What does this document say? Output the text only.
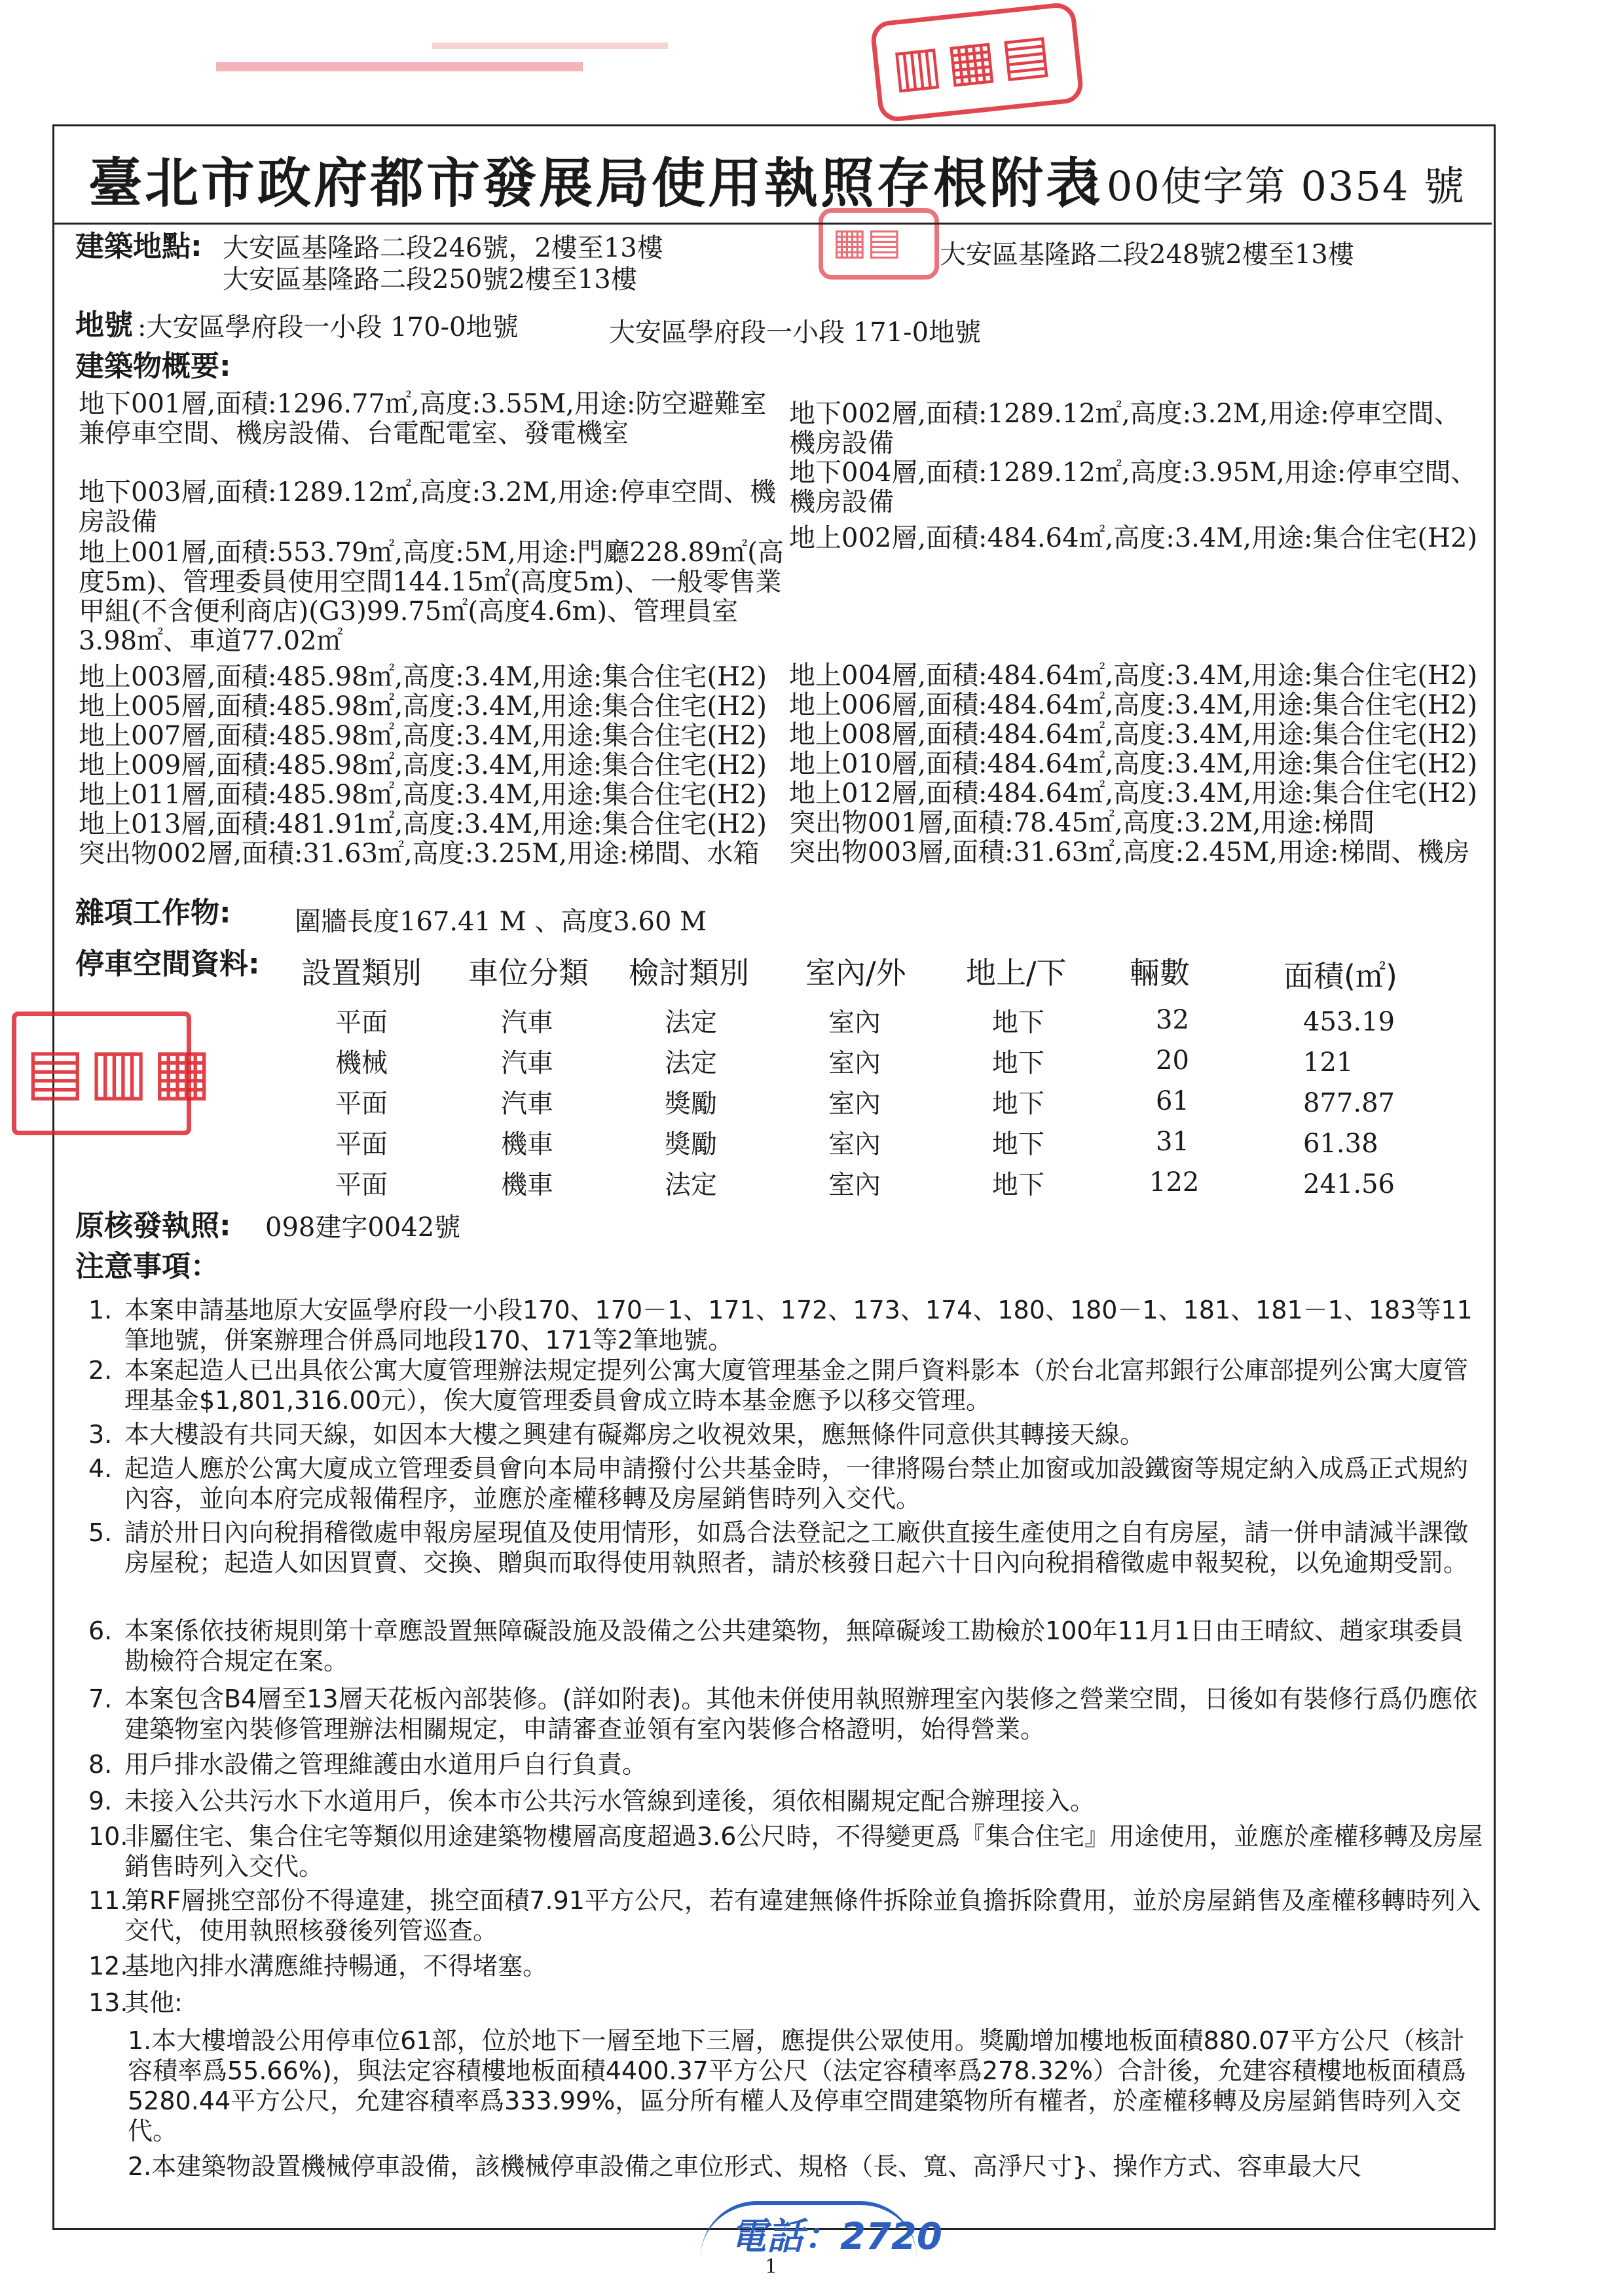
▥▦▤
▦▤
臺北市政府都市發展局使用執照存根附表
100使字第 0354 號
建築地點: 大安區基隆路二段246號，2樓至13樓
大安區基隆路二段250號2樓至13樓
大安區基隆路二段248號2樓至13樓
地號 :大安區學府段一小段 170-0地號	大安區學府段一小段 171-0地號
建築物概要:
地下001層,面積:1296.77㎡,高度:3.55M,用途:防空避難室兼停車空間、機房設備、台電配電室、發電機室
地下003層,面積:1289.12㎡,高度:3.2M,用途:停車空間、機房設備
地上001層,面積:553.79㎡,高度:5M,用途:門廳228.89㎡(高度5m)、管理委員使用空間144.15㎡(高度5m)、一般零售業甲組(不含便利商店)(G3)99.75㎡(高度4.6m)、管理員室3.98㎡、車道77.02㎡
地上003層,面積:485.98㎡,高度:3.4M,用途:集合住宅(H2)
地上005層,面積:485.98㎡,高度:3.4M,用途:集合住宅(H2)
地上007層,面積:485.98㎡,高度:3.4M,用途:集合住宅(H2)
地上009層,面積:485.98㎡,高度:3.4M,用途:集合住宅(H2)
地上011層,面積:485.98㎡,高度:3.4M,用途:集合住宅(H2)
地上013層,面積:481.91㎡,高度:3.4M,用途:集合住宅(H2)
突出物002層,面積:31.63㎡,高度:3.25M,用途:梯間、水箱
地下002層,面積:1289.12㎡,高度:3.2M,用途:停車空間、機房設備
地下004層,面積:1289.12㎡,高度:3.95M,用途:停車空間、機房設備
地上002層,面積:484.64㎡,高度:3.4M,用途:集合住宅(H2)
地上004層,面積:484.64㎡,高度:3.4M,用途:集合住宅(H2)
地上006層,面積:484.64㎡,高度:3.4M,用途:集合住宅(H2)
地上008層,面積:484.64㎡,高度:3.4M,用途:集合住宅(H2)
地上010層,面積:484.64㎡,高度:3.4M,用途:集合住宅(H2)
地上012層,面積:484.64㎡,高度:3.4M,用途:集合住宅(H2)
突出物001層,面積:78.45㎡,高度:3.2M,用途:梯間
突出物003層,面積:31.63㎡,高度:2.45M,用途:梯間、機房
雜項工作物: 圍牆長度167.41 M 、高度3.60 M
停車空間資料: 設置類別 車位分類 檢討類別 室內/外 地上/下 輛數	面積(㎡)
平面	汽車	法定	室內	地下	32	453.19
機械	汽車	法定	室內	地下	20	121
平面	汽車	獎勵	室內	地下	61	877.87
平面	機車	獎勵	室內	地下	31	61.38
平面	機車	法定	室內	地下	122	241.56
▤▥▦
原核發執照: 098建字0042號
注意事項：
1. 本案申請基地原大安區學府段一小段170、170－1、171、172、173、174、180、180－1、181、181－1、183等11筆地號，併案辦理合併爲同地段170、171等2筆地號。
2. 本案起造人已出具依公寓大廈管理辦法規定提列公寓大廈管理基金之開戶資料影本（於台北富邦銀行公庫部提列公寓大廈管理基金$1,801,316.00元），俟大廈管理委員會成立時本基金應予以移交管理。
3. 本大樓設有共同天線，如因本大樓之興建有礙鄰房之收視效果，應無條件同意供其轉接天線。
4. 起造人應於公寓大廈成立管理委員會向本局申請撥付公共基金時，一律將陽台禁止加窗或加設鐵窗等規定納入成爲正式規約內容，並向本府完成報備程序，並應於產權移轉及房屋銷售時列入交代。
5. 請於卅日內向稅捐稽徵處申報房屋現值及使用情形，如爲合法登記之工廠供直接生產使用之自有房屋，請一併申請減半課徵房屋稅；起造人如因買賣、交換、贈與而取得使用執照者，請於核發日起六十日內向稅捐稽徵處申報契稅，以免逾期受罰。
6. 本案係依技術規則第十章應設置無障礙設施及設備之公共建築物，無障礙竣工勘檢於100年11月1日由王晴紋、趙家琪委員勘檢符合規定在案。
7. 本案包含B4層至13層天花板內部裝修。(詳如附表)。其他未併使用執照辦理室內裝修之營業空間，日後如有裝修行爲仍應依建築物室內裝修管理辦法相關規定，申請審查並領有室內裝修合格證明，始得營業。
8. 用戶排水設備之管理維護由水道用戶自行負責。
9. 未接入公共污水下水道用戶，俟本市公共污水管線到達後，須依相關規定配合辦理接入。
10.
非屬住宅、集合住宅等類似用途建築物樓層高度超過3.6公尺時，不得變更爲『集合住宅』用途使用，並應於產權移轉及房屋銷售時列入交代。
11.
第RF層挑空部份不得違建，挑空面積7.91平方公尺，若有違建無條件拆除並負擔拆除費用，並於房屋銷售及產權移轉時列入交代，使用執照核發後列管巡查。
12.
基地內排水溝應維持暢通，不得堵塞。
13.
其他:
1.本大樓增設公用停車位61部，位於地下一層至地下三層，應提供公眾使用。獎勵增加樓地板面積880.07平方公尺（核計容積率爲55.66%)，與法定容積樓地板面積4400.37平方公尺（法定容積率爲278.32%）合計後，允建容積樓地板面積爲5280.44平方公尺，允建容積率爲333.99%，區分所有權人及停車空間建築物所有權者，於產權移轉及房屋銷售時列入交代。
2.本建築物設置機械停車設備，該機械停車設備之車位形式、規格（長、寬、高淨尺寸}、操作方式、容車最大尺
電話：2720
1
